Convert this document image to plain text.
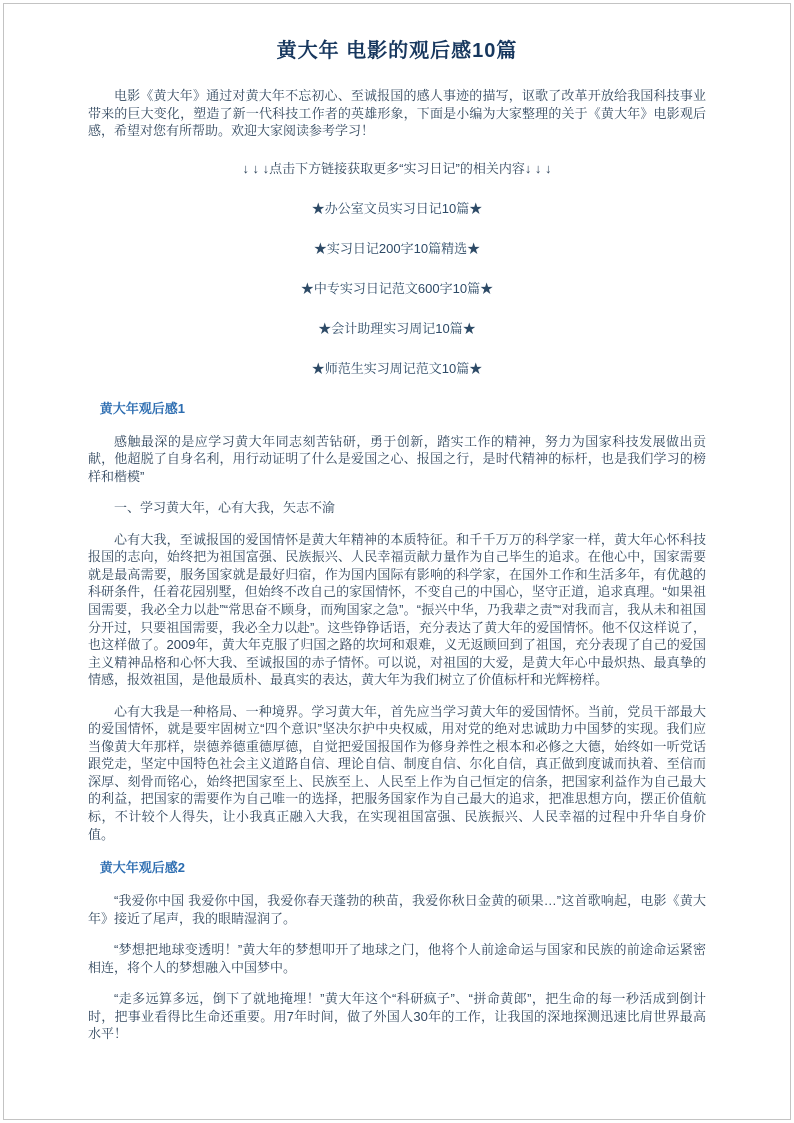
黄大年 电影的观后感10篇

电影《黄大年》通过对黄大年不忘初心、至诚报国的感人事迹的描写，讴歌了改革开放给我国科技事业带来的巨大变化，塑造了新一代科技工作者的英雄形象，下面是小编为大家整理的关于《黄大年》电影观后感，希望对您有所帮助。欢迎大家阅读参考学习！

↓ ↓ ↓点击下方链接获取更多“实习日记”的相关内容↓ ↓ ↓

★办公室文员实习日记10篇★

★实习日记200字10篇精选★

★中专实习日记范文600字10篇★

★会计助理实习周记10篇★

★师范生实习周记范文10篇★

黄大年观后感1

感触最深的是应学习黄大年同志刻苦钻研，勇于创新，踏实工作的精神，努力为国家科技发展做出贡献，他超脱了自身名利，用行动证明了什么是爱国之心、报国之行，是时代精神的标杆，也是我们学习的榜样和楷模”

一、学习黄大年，心有大我，矢志不渝

心有大我，至诚报国的爱国情怀是黄大年精神的本质特征。和千千万万的科学家一样，黄大年心怀科技报国的志向，始终把为祖国富强、民族振兴、人民幸福贡献力量作为自己毕生的追求。在他心中，国家需要就是最高需要，服务国家就是最好归宿，作为国内国际有影响的科学家，在国外工作和生活多年，有优越的科研条件，任着花园别墅，但始终不改自己的家国情怀，不变自己的中国心，坚守正道，追求真理。“如果祖国需要，我必全力以赴”“常思奋不顾身，而殉国家之急”。“振兴中华，乃我辈之责”“对我而言，我从未和祖国分开过，只要祖国需要，我必全力以赴”。这些铮铮话语，充分表达了黄大年的爱国情怀。他不仅这样说了，也这样做了。2009年，黄大年克服了归国之路的坎坷和艰难，义无返顾回到了祖国，充分表现了自己的爱国主义精神品格和心怀大我、至诚报国的赤子情怀。可以说，对祖国的大爱，是黄大年心中最炽热、最真挚的情感，报效祖国，是他最质朴、最真实的表达，黄大年为我们树立了价值标杆和光辉榜样。

心有大我是一种格局、一种境界。学习黄大年，首先应当学习黄大年的爱国情怀。当前，党员干部最大的爱国情怀，就是要牢固树立“四个意识”坚决尔护中央权威，用对党的绝对忠诚助力中国梦的实现。我们应当像黄大年那样，崇德养德重德厚德，自觉把爱国报国作为修身养性之根本和必修之大德，始终如一听党话跟党走，坚定中国特色社会主义道路自信、理论自信、制度自信、尔化自信，真正做到度诚而执着、至信而深厚、刻骨而铭心，始终把国家至上、民族至上、人民至上作为自己恒定的信条，把国家利益作为自己最大的利益，把国家的需要作为自己唯一的选择，把服务国家作为自己最大的追求，把准思想方向，摆正价值航标，不计较个人得失，让小我真正融入大我，在实现祖国富强、民族振兴、人民幸福的过程中升华自身价值。

黄大年观后感2

“我爱你中国 我爱你中国，我爱你春天蓬勃的秧苗，我爱你秋日金黄的硕果…”这首歌响起，电影《黄大年》接近了尾声，我的眼睛湿润了。

“梦想把地球变透明！”黄大年的梦想叩开了地球之门，他将个人前途命运与国家和民族的前途命运紧密相连，将个人的梦想融入中国梦中。

“走多远算多远，倒下了就地掩埋！”黄大年这个“科研疯子”、“拼命黄郎”，把生命的每一秒活成到倒计时，把事业看得比生命还重要。用7年时间，做了外国人30年的工作，让我国的深地探测迅速比肩世界最高水平！
